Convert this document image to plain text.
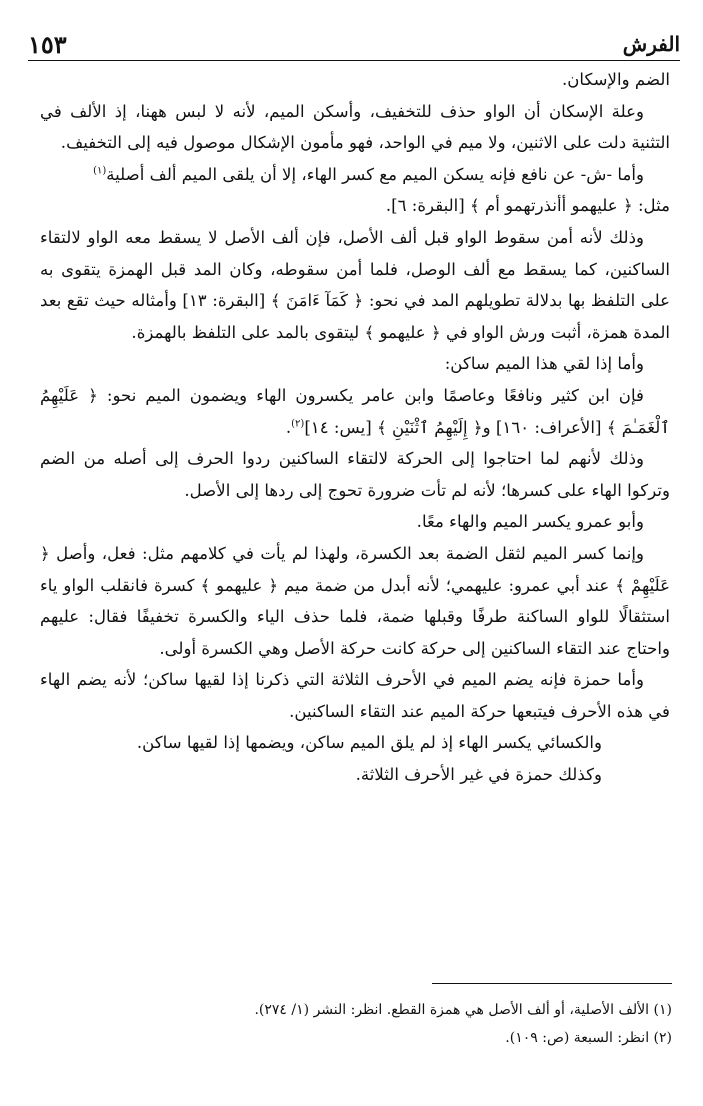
الفرش
١٥٣

الضم والإسكان.

وعلة الإسكان أن الواو حذف للتخفيف، وأسكن الميم، لأنه لا لبس ههنا، إذ الألف في التثنية دلت على الاثنين، ولا ميم في الواحد، فهو مأمون الإشكال موصول فيه إلى التخفيف.

وأما -ش- عن نافع فإنه يسكن الميم مع كسر الهاء، إلا أن يلقى الميم ألف أصلية$^{(١)}$

مثل: ﴿ عليهمو أأنذرتهمو أم ﴾ [البقرة: ٦].

وذلك لأنه أمن سقوط الواو قبل ألف الأصل، فإن ألف الأصل لا يسقط معه الواو لالتقاء الساكنين، كما يسقط مع ألف الوصل، فلما أمن سقوطه، وكان المد قبل الهمزة يتقوى به على التلفظ بها بدلالة تطويلهم المد في نحو: ﴿ كَمَآ ءَامَنَ ﴾ [البقرة: ١٣] وأمثاله حيث تقع بعد المدة همزة، أثبت ورش الواو في ﴿ عليهمو ﴾ ليتقوى بالمد على التلفظ بالهمزة.

وأما إذا لقي هذا الميم ساكن:

فإن ابن كثير ونافعًا وعاصمًا وابن عامر يكسرون الهاء ويضمون الميم نحو: ﴿ عَلَيْهِمُ ٱلْغَمَـٰمَ ﴾ [الأعراف: ١٦٠] و﴿ إِلَيْهِمُ ٱثْنَيْنِ ﴾ [يس: ١٤]$^{(٢)}$.

وذلك لأنهم لما احتاجوا إلى الحركة لالتقاء الساكنين ردوا الحرف إلى أصله من الضم وتركوا الهاء على كسرها؛ لأنه لم تأت ضرورة تحوج إلى ردها إلى الأصل.

وأبو عمرو يكسر الميم والهاء معًا.

وإنما كسر الميم لثقل الضمة بعد الكسرة، ولهذا لم يأت في كلامهم مثل: فعل، وأصل ﴿ عَلَيْهِمْ ﴾ عند أبي عمرو: عليهمي؛ لأنه أبدل من ضمة ميم ﴿ عليهمو ﴾ كسرة فانقلب الواو ياء استثقالًا للواو الساكنة طرفًا وقبلها ضمة، فلما حذف الياء والكسرة تخفيفًا فقال: عليهم واحتاج عند التقاء الساكنين إلى حركة كانت حركة الأصل وهي الكسرة أولى.

وأما حمزة فإنه يضم الميم في الأحرف الثلاثة التي ذكرنا إذا لقيها ساكن؛ لأنه يضم الهاء في هذه الأحرف فيتبعها حركة الميم عند التقاء الساكنين.

والكسائي يكسر الهاء إذ لم يلق الميم ساكن، ويضمها إذا لقيها ساكن.

وكذلك حمزة في غير الأحرف الثلاثة.

(١) الألف الأصلية، أو ألف الأصل هي همزة القطع. انظر: النشر (١/ ٢٧٤).

(٢) انظر: السبعة (ص: ١٠٩).
